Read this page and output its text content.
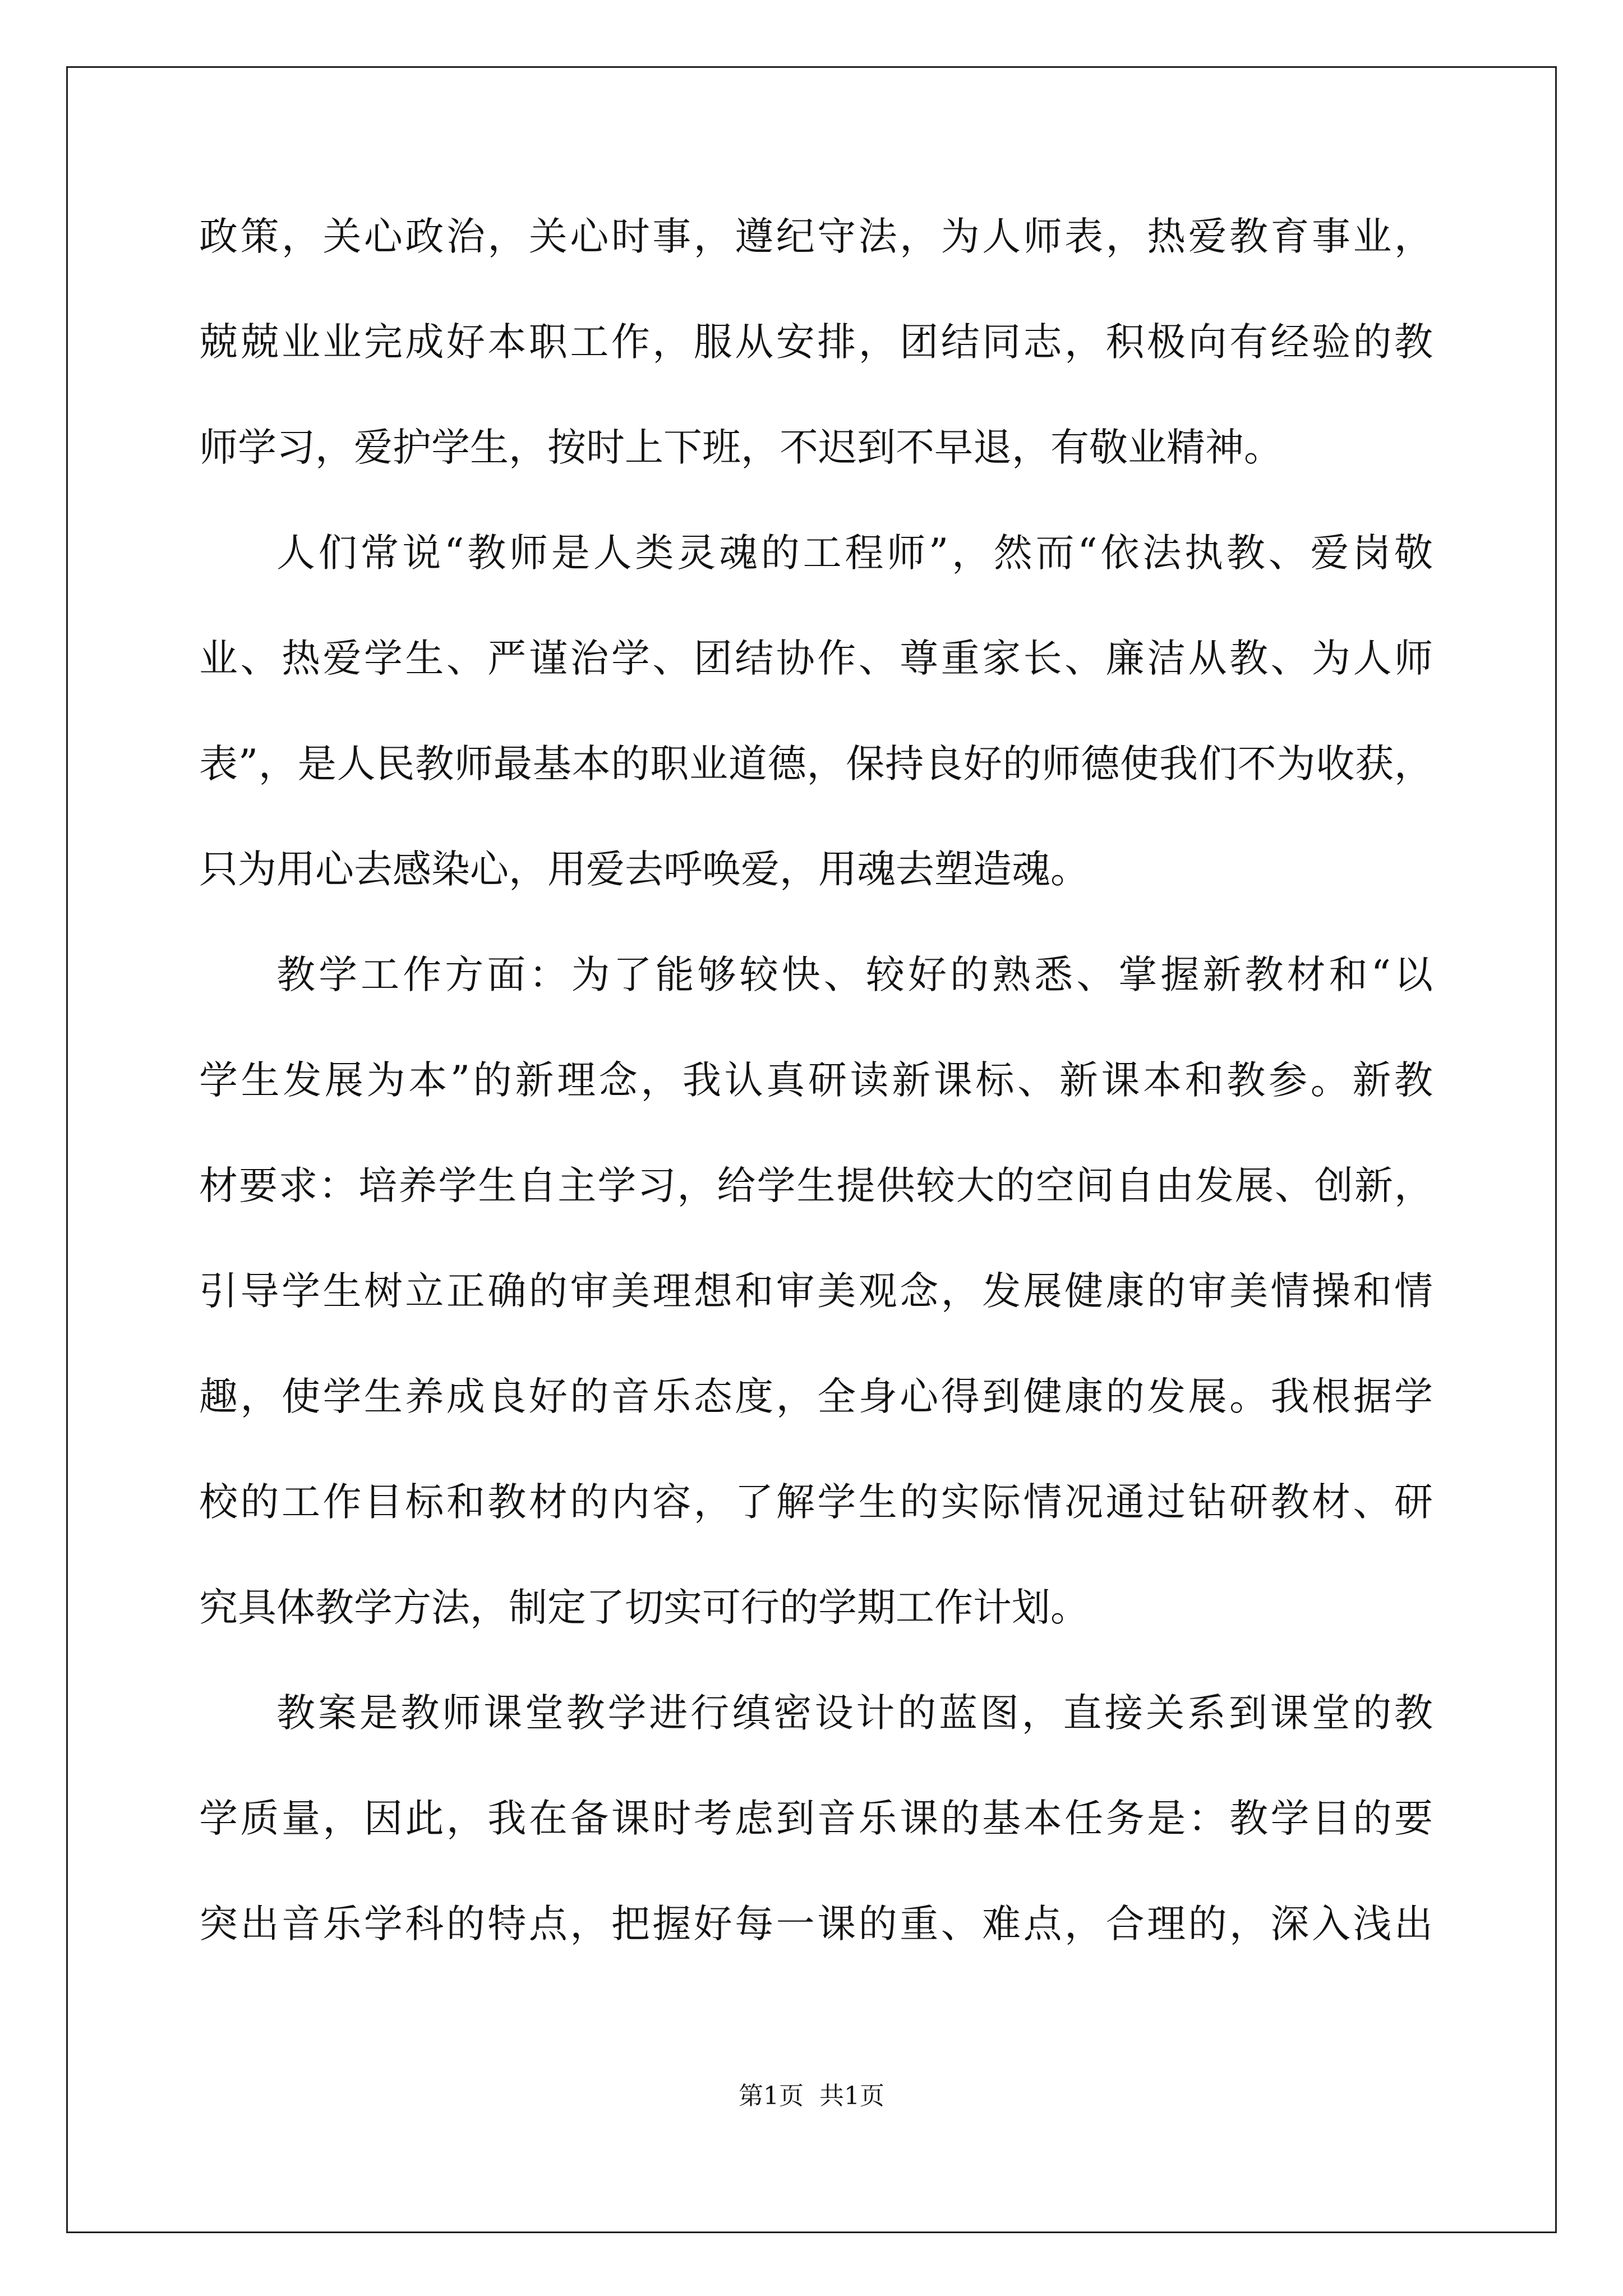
政策，关心政治，关心时事，遵纪守法，为人师表，热爱教育事业，
兢兢业业完成好本职工作，服从安排，团结同志，积极向有经验的教
师学习，爱护学生，按时上下班，不迟到不早退，有敬业精神。
人们常说“教师是人类灵魂的工程师”，然而“依法执教、爱岗敬
业、热爱学生、严谨治学、团结协作、尊重家长、廉洁从教、为人师
表”，是人民教师最基本的职业道德，保持良好的师德使我们不为收获，
只为用心去感染心，用爱去呼唤爱，用魂去塑造魂。
教学工作方面：为了能够较快、较好的熟悉、掌握新教材和“以
学生发展为本”的新理念，我认真研读新课标、新课本和教参。新教
材要求：培养学生自主学习，给学生提供较大的空间自由发展、创新，
引导学生树立正确的审美理想和审美观念，发展健康的审美情操和情
趣，使学生养成良好的音乐态度，全身心得到健康的发展。我根据学
校的工作目标和教材的内容，了解学生的实际情况通过钻研教材、研
究具体教学方法，制定了切实可行的学期工作计划。
教案是教师课堂教学进行缜密设计的蓝图，直接关系到课堂的教
学质量，因此，我在备课时考虑到音乐课的基本任务是：教学目的要
突出音乐学科的特点，把握好每一课的重、难点，合理的，深入浅出
第1页 共1页
